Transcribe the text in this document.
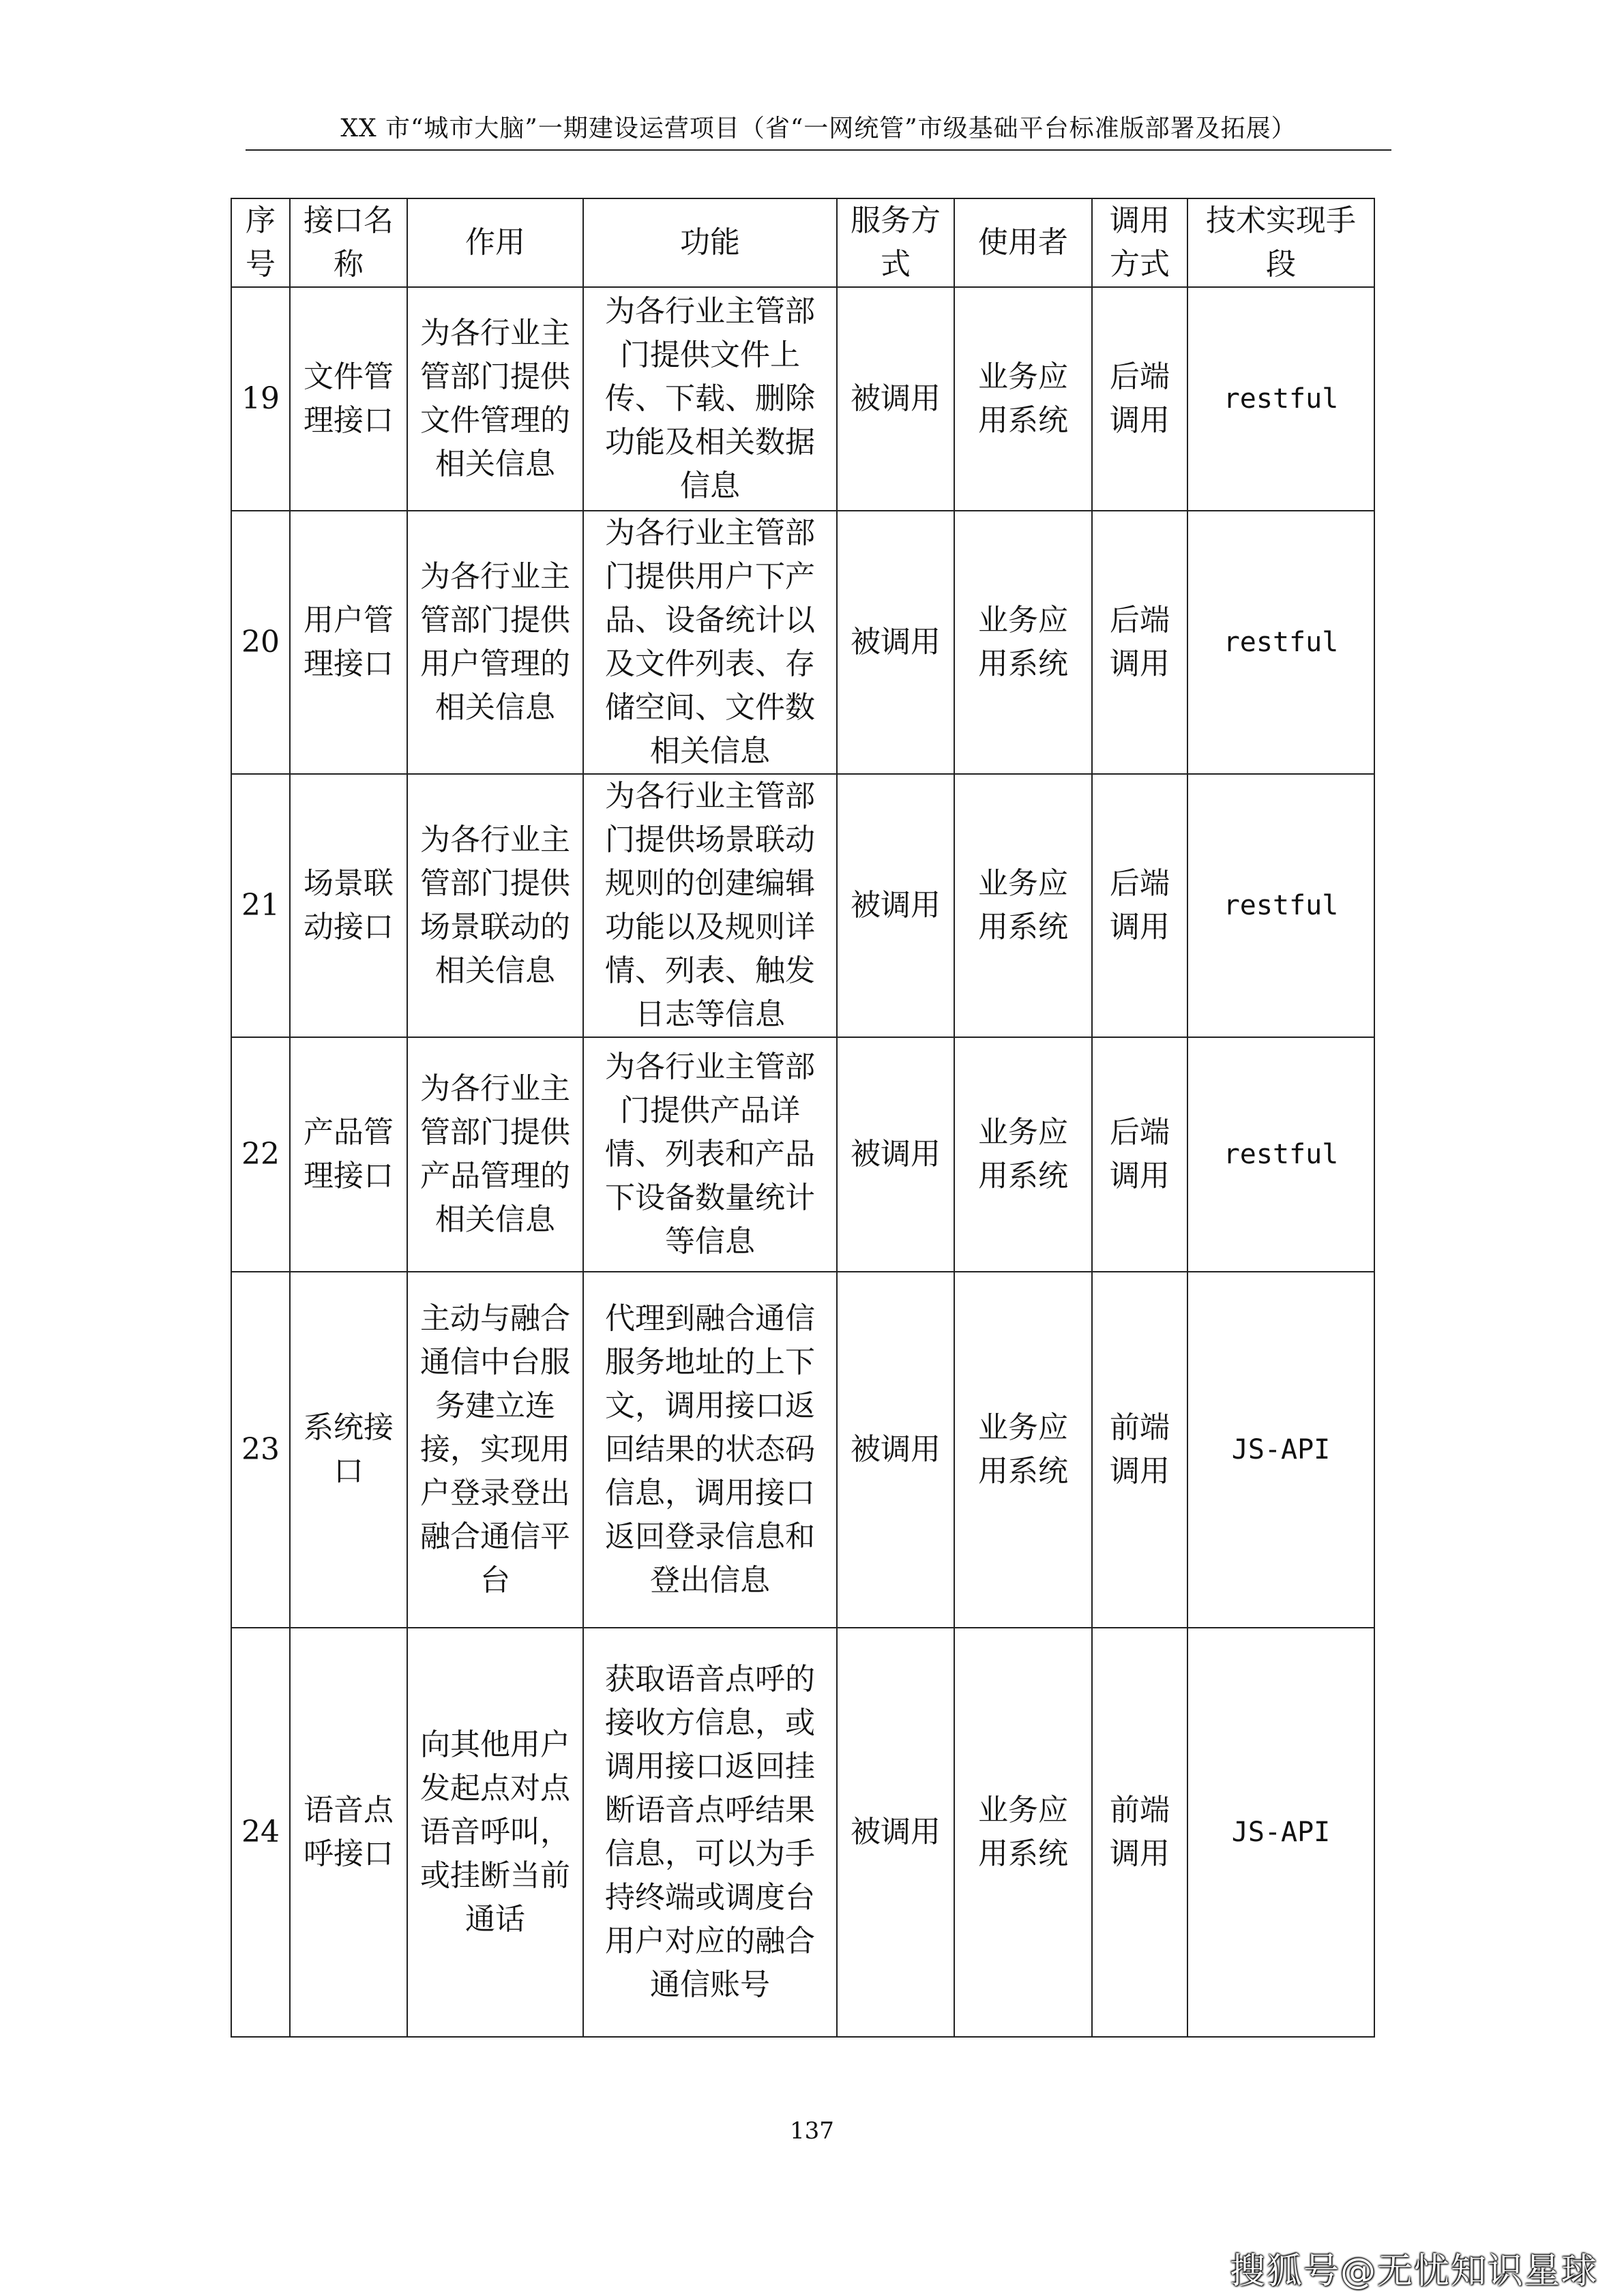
XX 市“城市大脑”一期建设运营项目（省“一网统管”市级基础平台标准版部署及拓展）
序号	接口名称	作用	功能	服务方式	使用者	调用方式	技术实现手段
19	文件管理接口	为各行业主管部门提供文件管理的相关信息	为各行业主管部门提供文件上传、下载、删除功能及相关数据信息	被调用	业务应用系统	后端调用	restful
20	用户管理接口	为各行业主管部门提供用户管理的相关信息	为各行业主管部门提供用户下产品、设备统计以及文件列表、存储空间、文件数相关信息	被调用	业务应用系统	后端调用	restful
21	场景联动接口	为各行业主管部门提供场景联动的相关信息	为各行业主管部门提供场景联动规则的创建编辑功能以及规则详情、列表、触发日志等信息	被调用	业务应用系统	后端调用	restful
22	产品管理接口	为各行业主管部门提供产品管理的相关信息	为各行业主管部门提供产品详情、列表和产品下设备数量统计等信息	被调用	业务应用系统	后端调用	restful
23	系统接口	主动与融合通信中台服务建立连接，实现用户登录登出融合通信平台	代理到融合通信服务地址的上下文，调用接口返回结果的状态码信息，调用接口返回登录信息和登出信息	被调用	业务应用系统	前端调用	JS-API
24	语音点呼接口	向其他用户发起点对点语音呼叫，或挂断当前通话	获取语音点呼的接收方信息，或调用接口返回挂断语音点呼结果信息，可以为手持终端或调度台用户对应的融合通信账号	被调用	业务应用系统	前端调用	JS-API
137
搜狐号@无忧知识星球
